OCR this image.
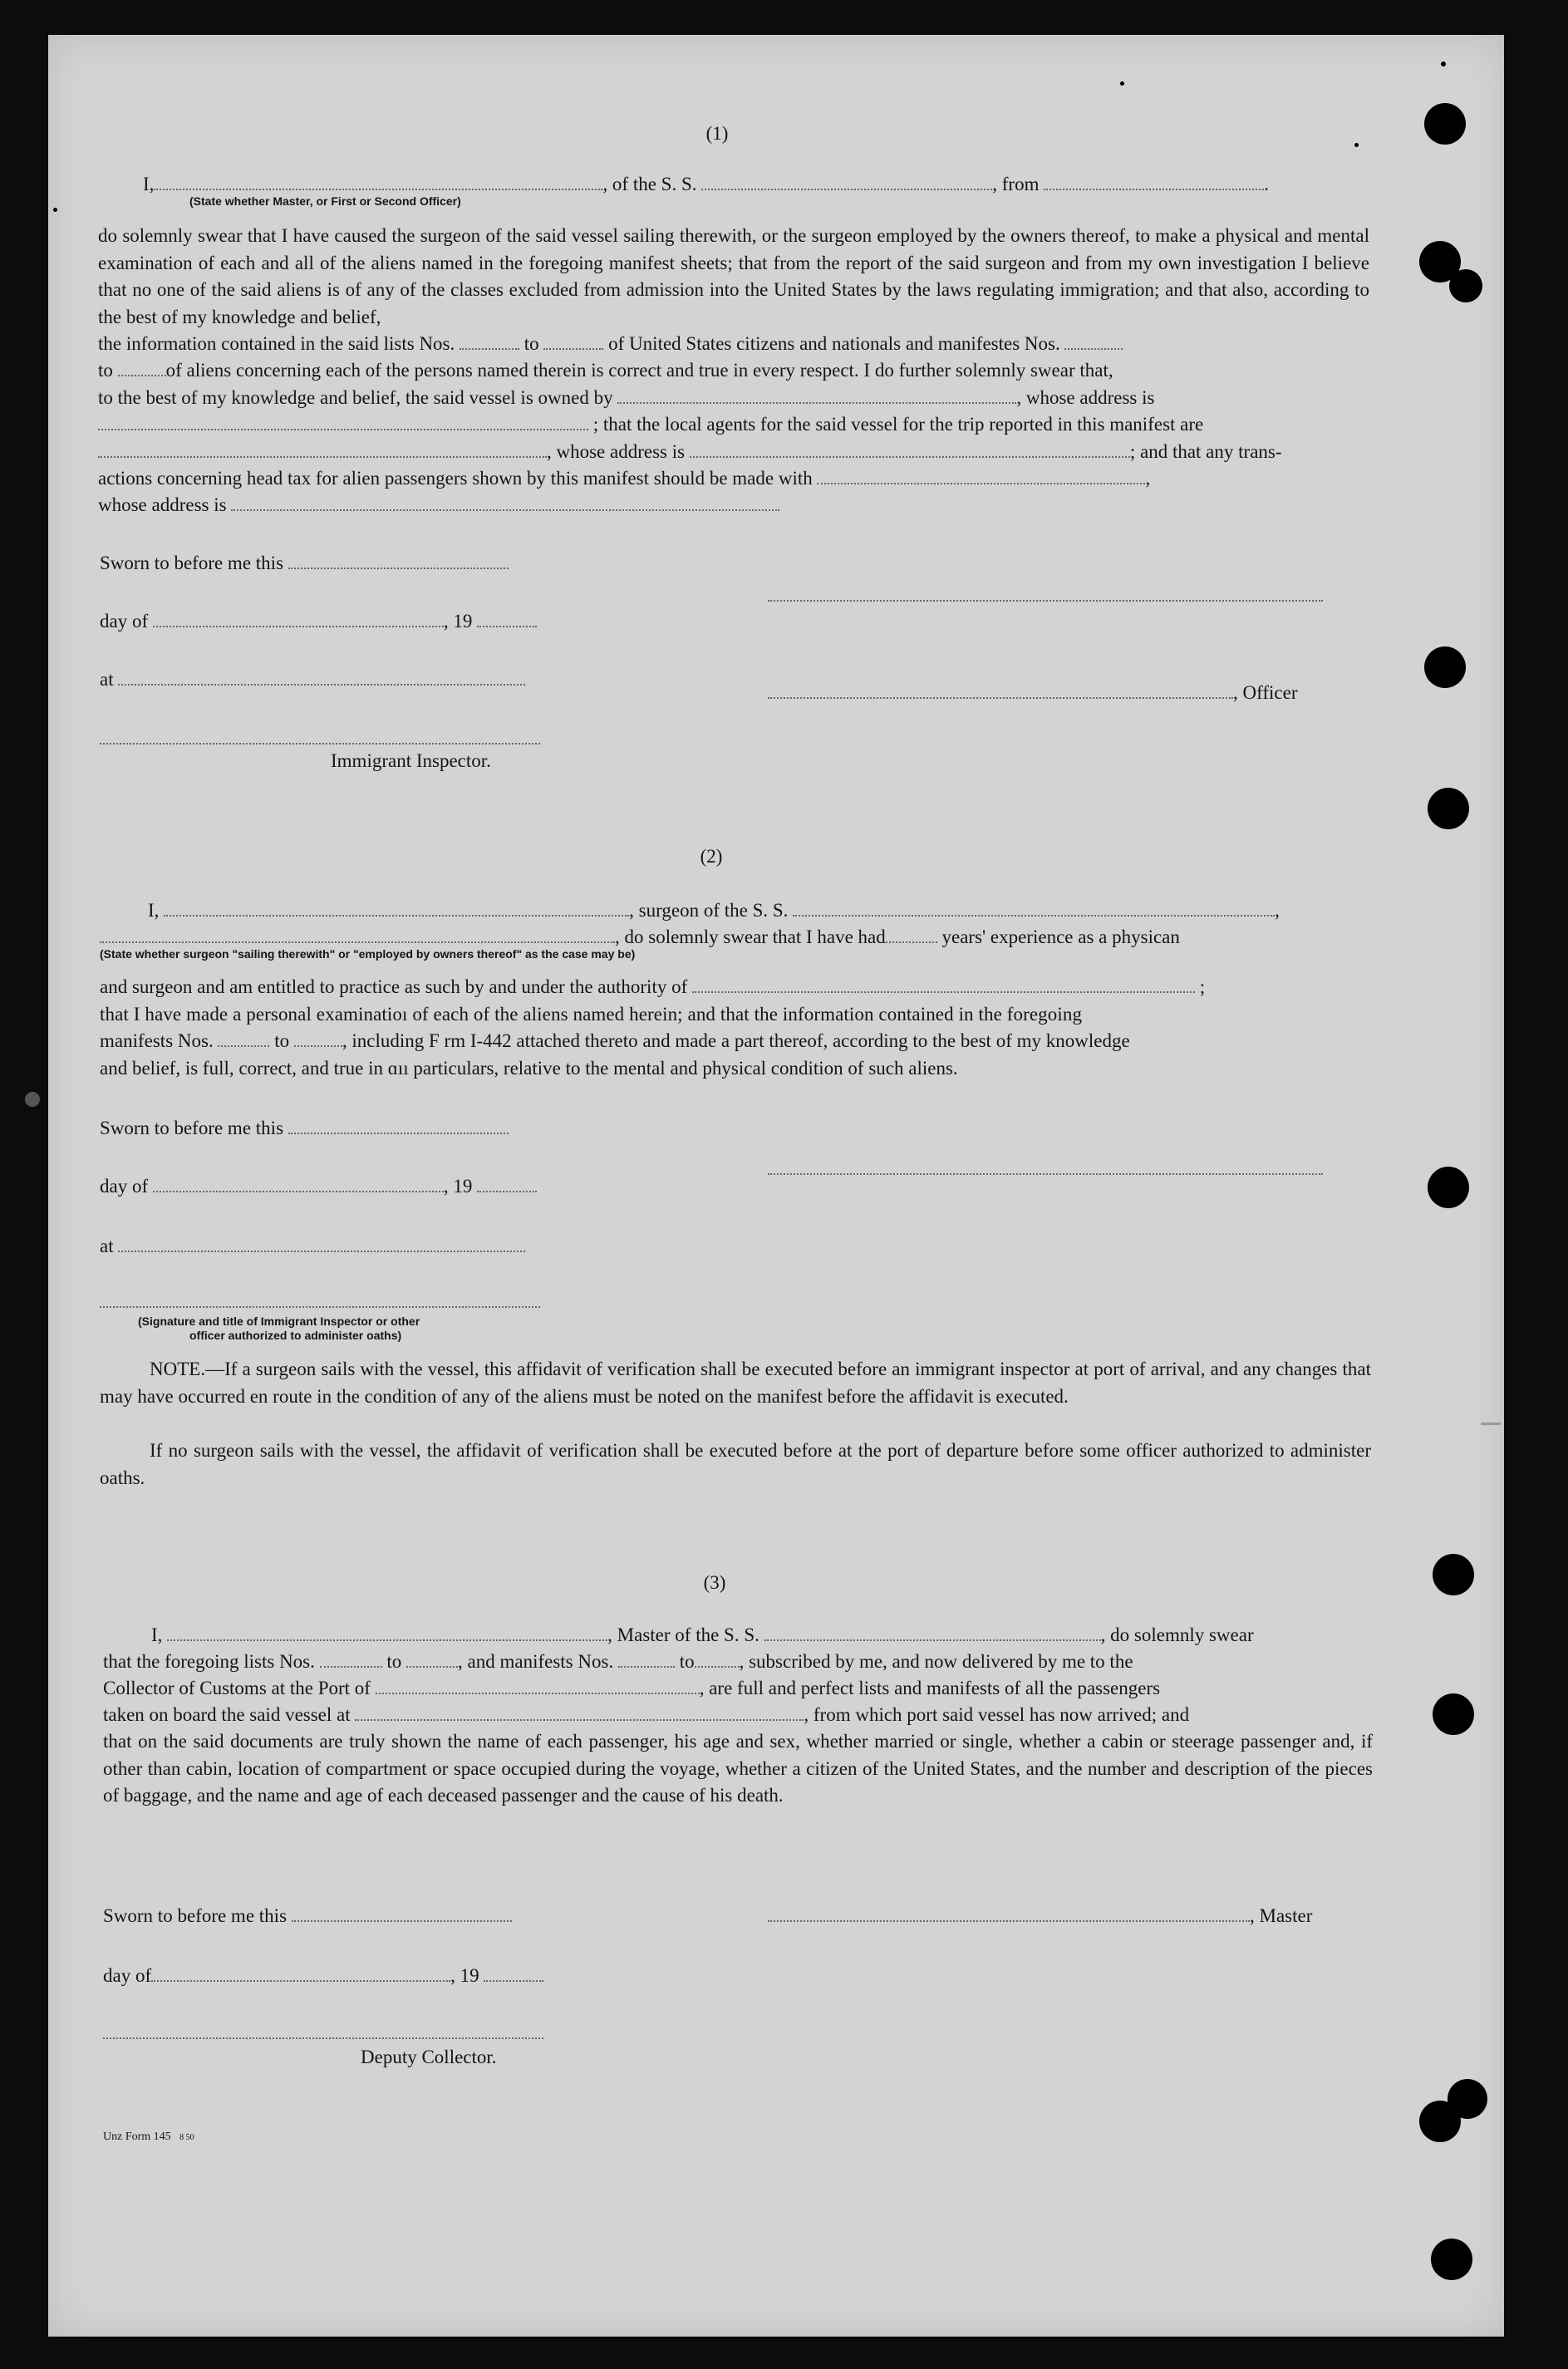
(1)
I,	, of the S. S.	, from	.
(State whether Master, or First or Second Officer)
do solemnly swear that I have caused the surgeon of the said vessel sailing therewith, or the surgeon employed by the owners thereof, to make a physical and mental examination of each and all of the aliens named in the foregoing manifest sheets; that from the report of the said surgeon and from my own investigation I believe that no one of the said aliens is of any of the classes excluded from admission into the United States by the laws regulating immigration; and that also, according to the best of my knowledge and belief,
the information contained in the said lists Nos.	to	of United States citizens and nationals and manifestes Nos.
to	of aliens concerning each of the persons named therein is correct and true in every respect. I do further solemnly swear that,
to the best of my knowledge and belief, the said vessel is owned by	, whose address is
; that the local agents for the said vessel for the trip reported in this manifest are
, whose address is	; and that any trans-
actions concerning head tax for alien passengers shown by this manifest should be made with	,
whose address is
Sworn to before me this
day of	, 19
at
, Officer
Immigrant Inspector.
(2)
I,	, surgeon of the S. S.	,
, do solemnly swear that I have had	years' experience as a physican
(State whether surgeon "sailing therewith" or "employed by owners thereof" as the case may be)
and surgeon and am entitled to practice as such by and under the authority of	;
that I have made a personal examinatioı of each of the aliens named herein; and that the information contained in the foregoing
manifests Nos.	to	, including F rm I-442 attached thereto and made a part thereof, according to the best of my knowledge
and belief, is full, correct, and true in ɑıı particulars, relative to the mental and physical condition of such aliens.
Sworn to before me this
day of	, 19
at
(Signature and title of Immigrant Inspector or other
officer authorized to administer oaths)
NOTE.—If a surgeon sails with the vessel, this affidavit of verification shall be executed before an immigrant inspector at port of arrival, and any changes that may have occurred en route in the condition of any of the aliens must be noted on the manifest before the affidavit is executed.
If no surgeon sails with the vessel, the affidavit of verification shall be executed before at the port of departure before some officer authorized to administer oaths.
(3)
I,	, Master of the S. S.	, do solemnly swear
that the foregoing lists Nos.	to	, and manifests Nos.	to , subscribed by me, and now delivered by me to the
Collector of Customs at the Port of	, are full and perfect lists and manifests of all the passengers
taken on board the said vessel at	, from which port said vessel has now arrived; and
that on the said documents are truly shown the name of each passenger, his age and sex, whether married or single, whether a cabin or steerage passenger and, if other than cabin, location of compartment or space occupied during the voyage, whether a citizen of the United States, and the number and description of the pieces of baggage, and the name and age of each deceased passenger and the cause of his death.
Sworn to before me this	, Master
day of	, 19
Deputy Collector.
Unz Form 145 8 50
